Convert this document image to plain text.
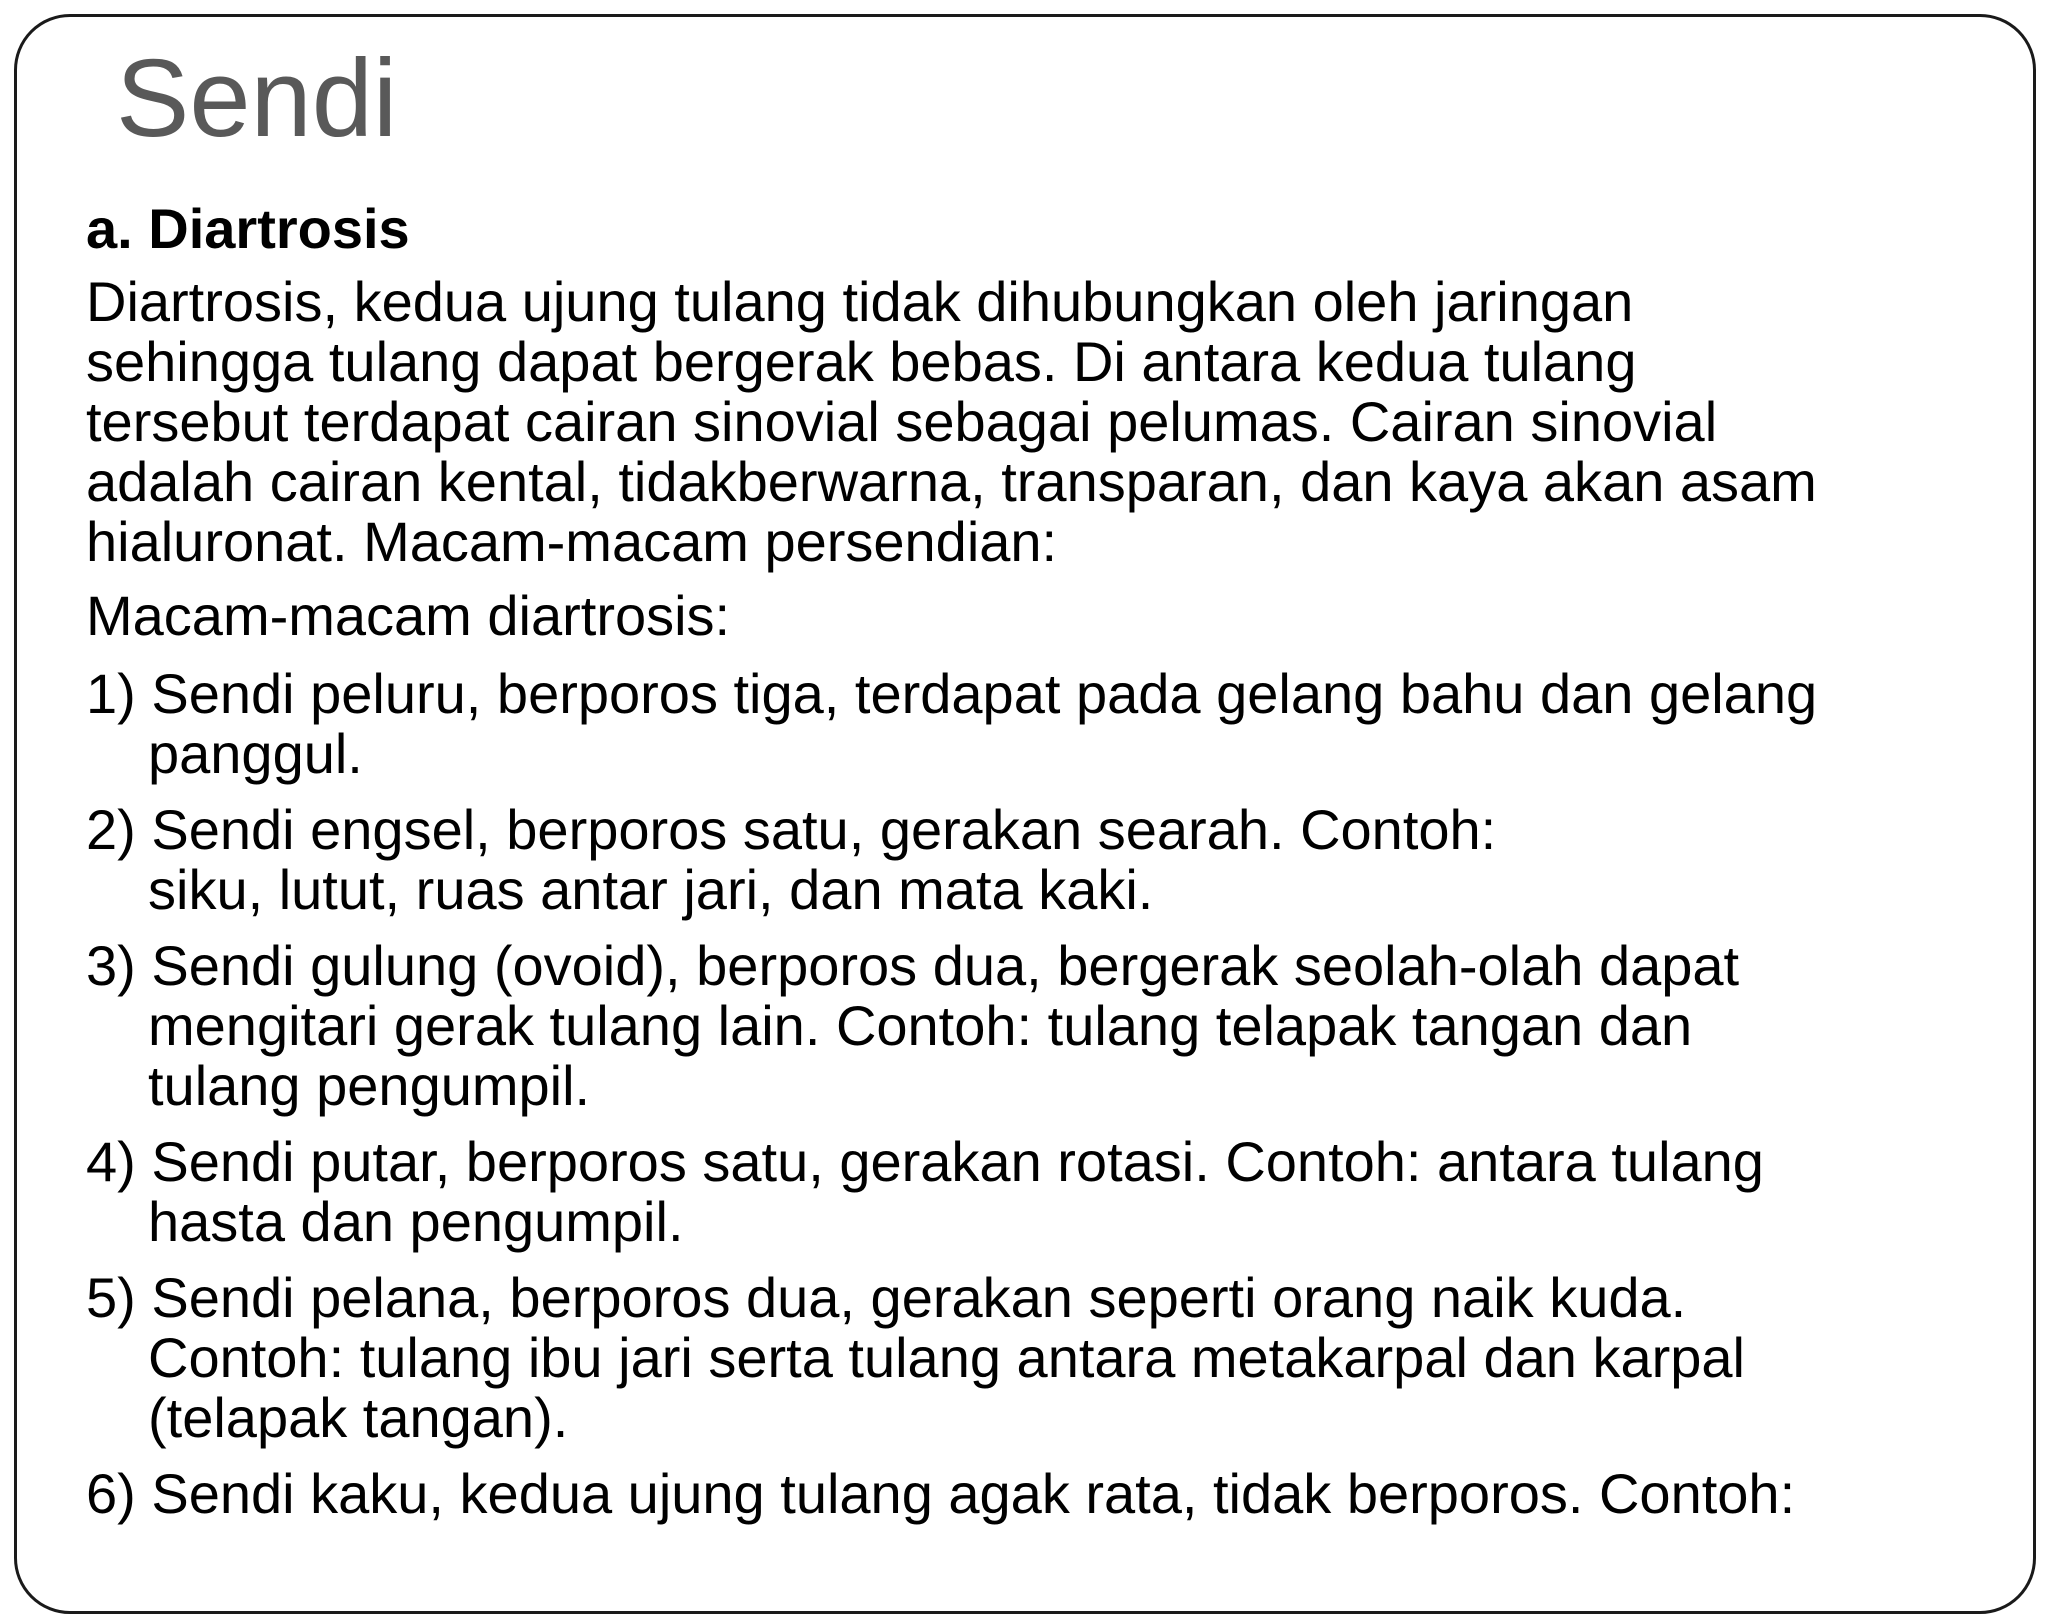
Sendi
a. Diartrosis
Diartrosis, kedua ujung tulang tidak dihubungkan oleh jaringan
sehingga tulang dapat bergerak bebas. Di antara kedua tulang
tersebut terdapat cairan sinovial sebagai pelumas. Cairan sinovial
adalah cairan kental, tidakberwarna, transparan, dan kaya akan asam
hialuronat. Macam-macam persendian:
Macam-macam diartrosis:
1) Sendi peluru, berporos tiga, terdapat pada gelang bahu dan gelang
panggul.
2) Sendi engsel, berporos satu, gerakan searah. Contoh:
siku, lutut, ruas antar jari, dan mata kaki.
3) Sendi gulung (ovoid), berporos dua, bergerak seolah-olah dapat
mengitari gerak tulang lain. Contoh: tulang telapak tangan dan
tulang pengumpil.
4) Sendi putar, berporos satu, gerakan rotasi. Contoh: antara tulang
hasta dan pengumpil.
5) Sendi pelana, berporos dua, gerakan seperti orang naik kuda.
Contoh: tulang ibu jari serta tulang antara metakarpal dan karpal
(telapak tangan).
6) Sendi kaku, kedua ujung tulang agak rata, tidak berporos. Contoh:
